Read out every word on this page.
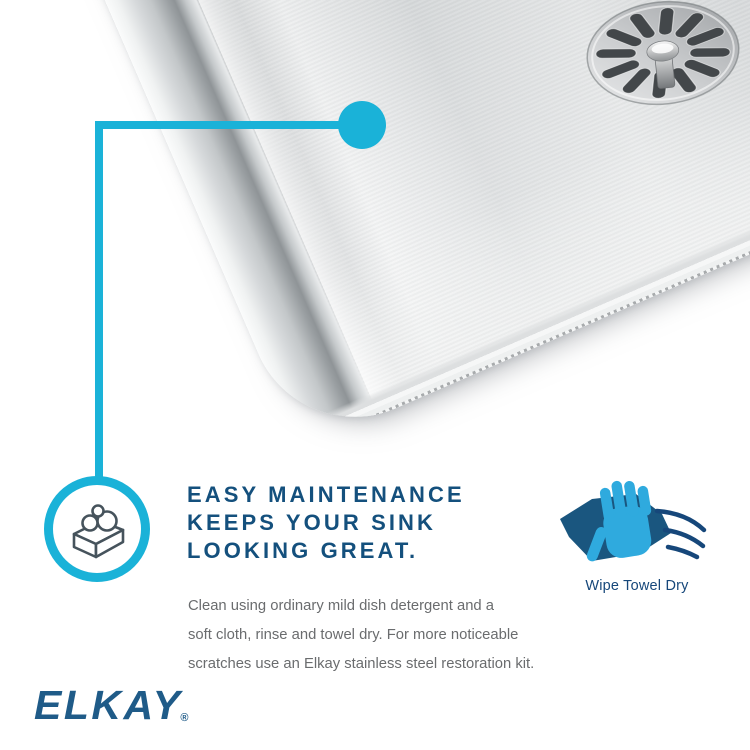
EASY MAINTENANCE
KEEPS YOUR SINK
LOOKING GREAT.
Clean using ordinary mild dish detergent and a
soft cloth, rinse and towel dry. For more noticeable
scratches use an Elkay stainless steel restoration kit.
Wipe Towel Dry
ELKAY®
